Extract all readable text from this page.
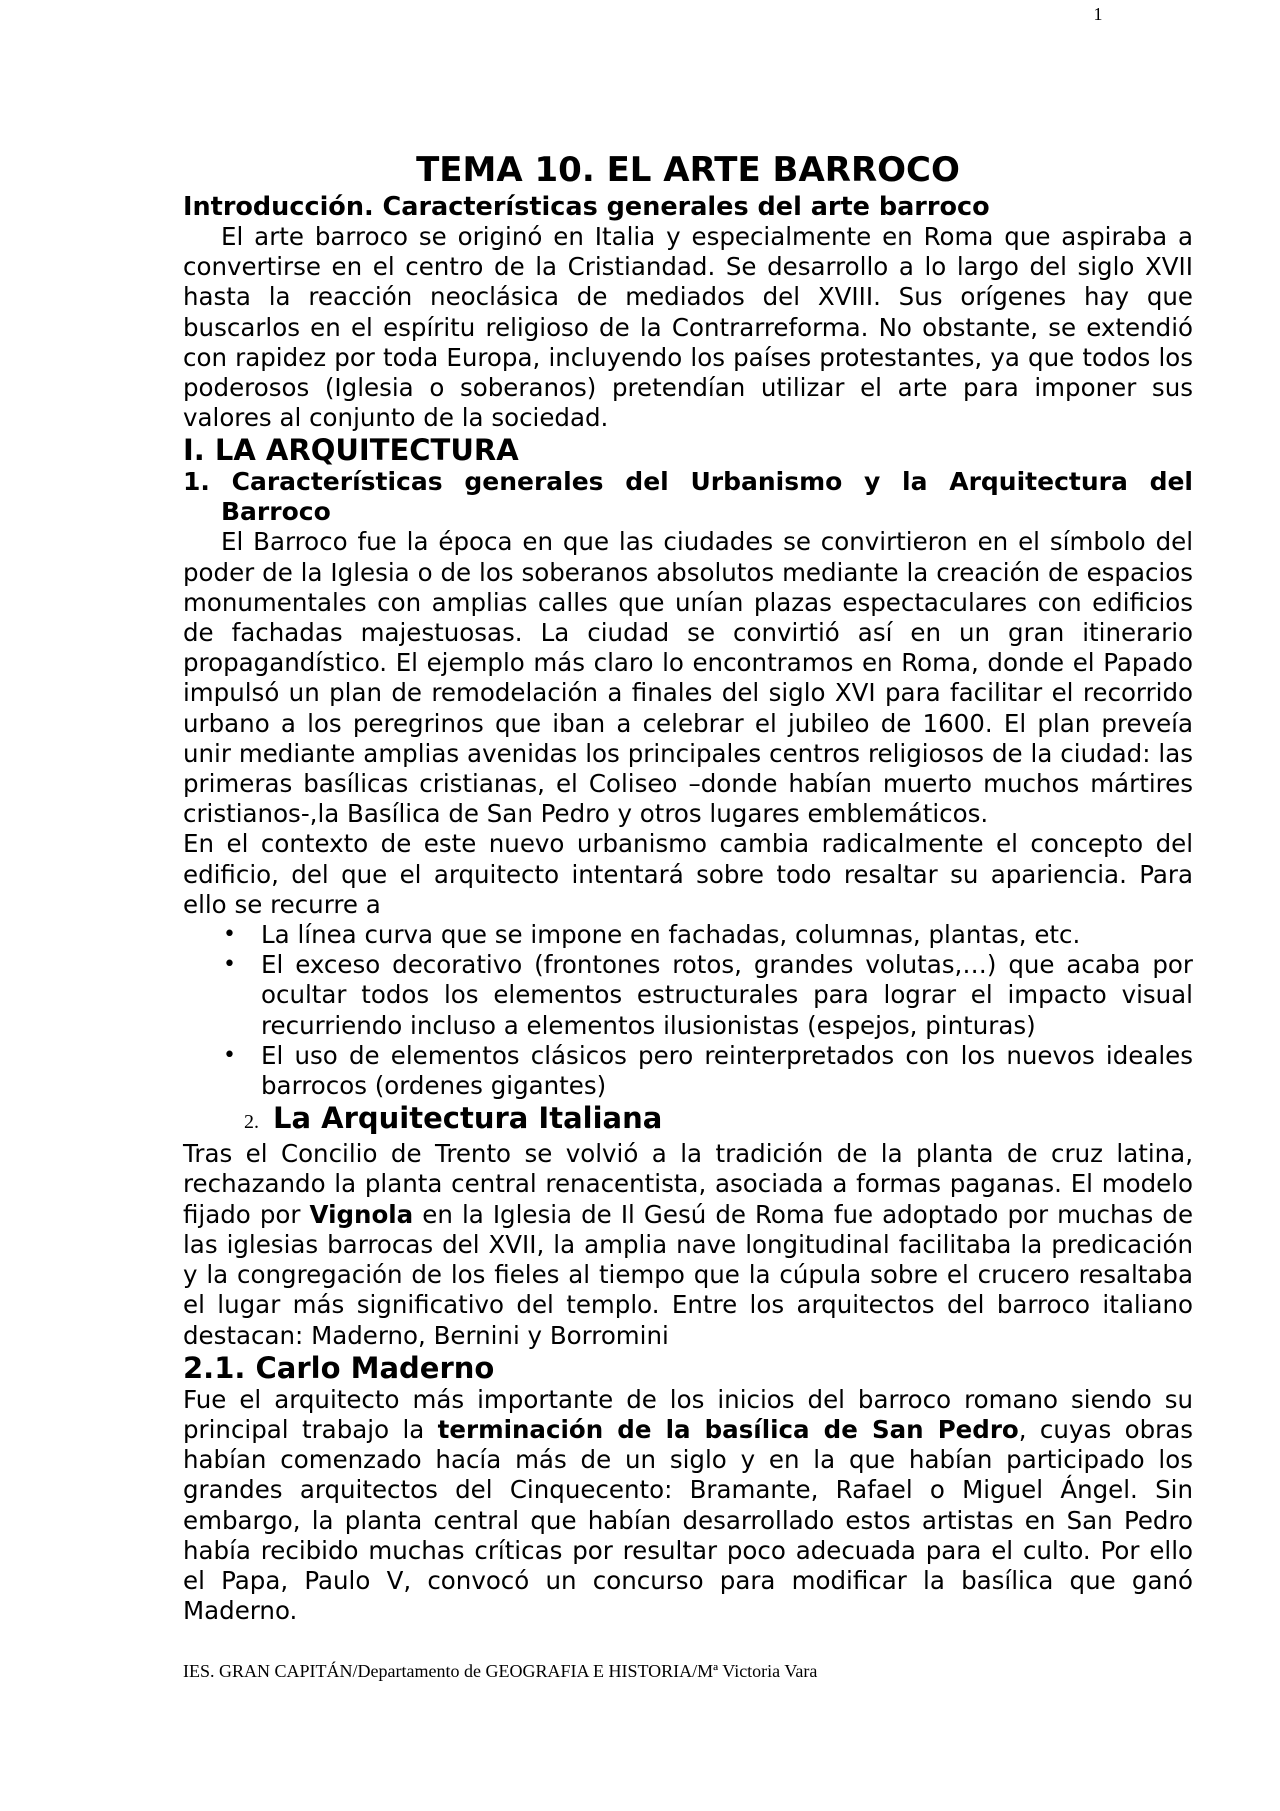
1
TEMA 10. EL ARTE BARROCO
Introducción. Características generales del arte barroco

El arte barroco se originó en Italia y especialmente en Roma que aspiraba a convertirse en el centro de la Cristiandad. Se desarrollo a lo largo del siglo XVII hasta la reacción neoclásica de mediados del XVIII. Sus orígenes hay que buscarlos en el espíritu religioso de la Contrarreforma. No obstante, se extendió con rapidez por toda Europa, incluyendo los países protestantes, ya que todos los poderosos (Iglesia o soberanos) pretendían utilizar el arte para imponer sus valores al conjunto de la sociedad.

I. LA ARQUITECTURA
1. Características generales del Urbanismo y la Arquitectura del Barroco

El Barroco fue la época en que las ciudades se convirtieron en el símbolo del poder de la Iglesia o de los soberanos absolutos mediante la creación de espacios monumentales con amplias calles que unían plazas espectaculares con edificios de fachadas majestuosas. La ciudad se convirtió así en un gran itinerario propagandístico. El ejemplo más claro lo encontramos en Roma, donde el Papado impulsó un plan de remodelación a finales del siglo XVI para facilitar el recorrido urbano a los peregrinos que iban a celebrar el jubileo de 1600. El plan preveía unir mediante amplias avenidas los principales centros religiosos de la ciudad: las primeras basílicas cristianas, el Coliseo –donde habían muerto muchos mártires cristianos-,la Basílica de San Pedro y otros lugares emblemáticos.

En el contexto de este nuevo urbanismo cambia radicalmente el concepto del edificio, del que el arquitecto intentará sobre todo resaltar su apariencia. Para ello se recurre a

• La línea curva que se impone en fachadas, columnas, plantas, etc.
• El exceso decorativo (frontones rotos, grandes volutas,…) que acaba por ocultar todos los elementos estructurales para lograr el impacto visual recurriendo incluso a elementos ilusionistas (espejos, pinturas)
• El uso de elementos clásicos pero reinterpretados con los nuevos ideales barrocos (ordenes gigantes)
2. La Arquitectura Italiana

Tras el Concilio de Trento se volvió a la tradición de la planta de cruz latina, rechazando la planta central renacentista, asociada a formas paganas. El modelo fijado por Vignola en la Iglesia de Il Gesú de Roma fue adoptado por muchas de las iglesias barrocas del XVII, la amplia nave longitudinal facilitaba la predicación y la congregación de los fieles al tiempo que la cúpula sobre el crucero resaltaba el lugar más significativo del templo. Entre los arquitectos del barroco italiano destacan: Maderno, Bernini y Borromini

2.1. Carlo Maderno

Fue el arquitecto más importante de los inicios del barroco romano siendo su principal trabajo la terminación de la basílica de San Pedro, cuyas obras habían comenzado hacía más de un siglo y en la que habían participado los grandes arquitectos del Cinquecento: Bramante, Rafael o Miguel Ángel. Sin embargo, la planta central que habían desarrollado estos artistas en San Pedro había recibido muchas críticas por resultar poco adecuada para el culto. Por ello el Papa, Paulo V, convocó un concurso para modificar la basílica que ganó Maderno.

IES. GRAN CAPITÁN/Departamento de GEOGRAFIA E HISTORIA/Mª Victoria Vara
